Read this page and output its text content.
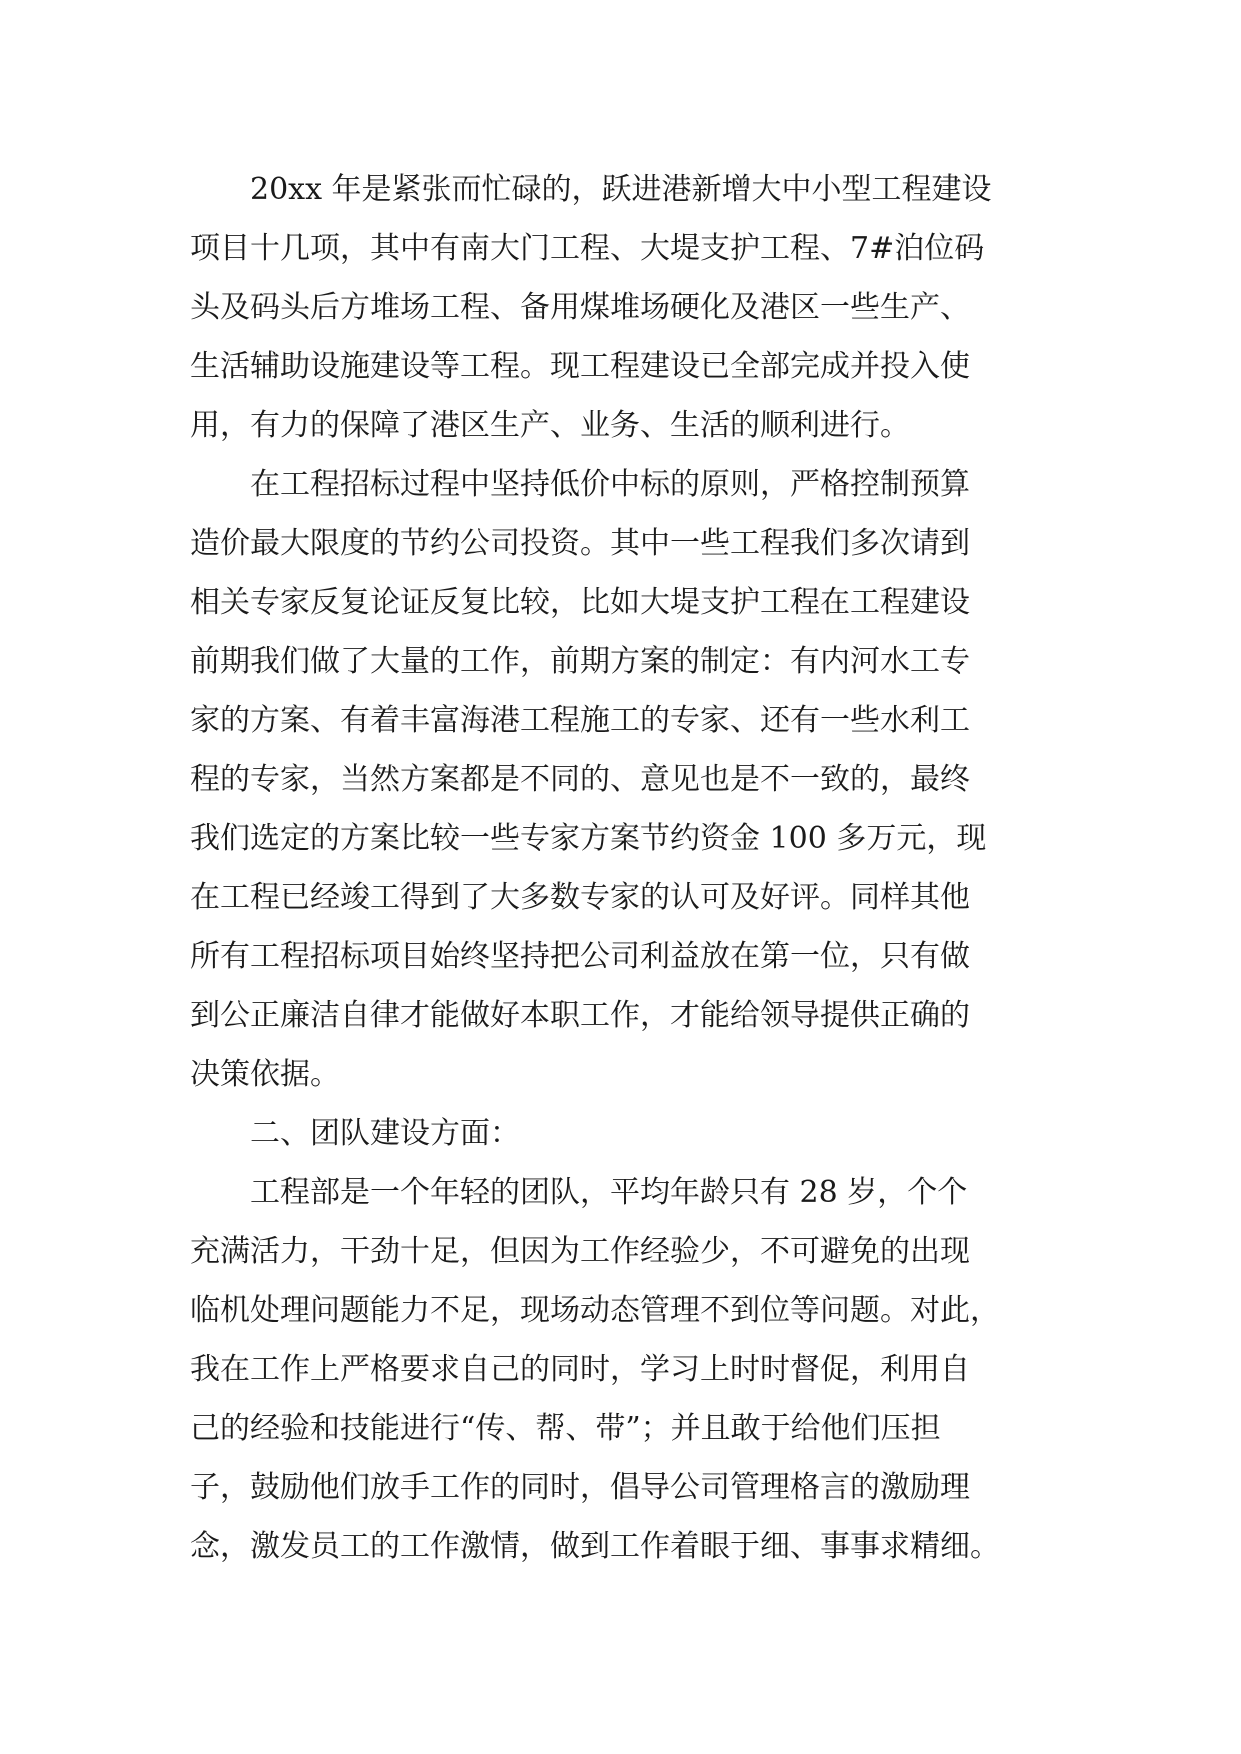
　　20xx 年是紧张而忙碌的，跃进港新增大中小型工程建设
项目十几项，其中有南大门工程、大堤支护工程、7#泊位码
头及码头后方堆场工程、备用煤堆场硬化及港区一些生产、
生活辅助设施建设等工程。现工程建设已全部完成并投入使
用，有力的保障了港区生产、业务、生活的顺利进行。
　　在工程招标过程中坚持低价中标的原则，严格控制预算
造价最大限度的节约公司投资。其中一些工程我们多次请到
相关专家反复论证反复比较，比如大堤支护工程在工程建设
前期我们做了大量的工作，前期方案的制定：有内河水工专
家的方案、有着丰富海港工程施工的专家、还有一些水利工
程的专家，当然方案都是不同的、意见也是不一致的，最终
我们选定的方案比较一些专家方案节约资金 100 多万元，现
在工程已经竣工得到了大多数专家的认可及好评。同样其他
所有工程招标项目始终坚持把公司利益放在第一位，只有做
到公正廉洁自律才能做好本职工作，才能给领导提供正确的
决策依据。
　　二、团队建设方面：
　　工程部是一个年轻的团队，平均年龄只有 28 岁，个个
充满活力，干劲十足，但因为工作经验少，不可避免的出现
临机处理问题能力不足，现场动态管理不到位等问题。对此，
我在工作上严格要求自己的同时，学习上时时督促，利用自
己的经验和技能进行“传、帮、带”；并且敢于给他们压担
子，鼓励他们放手工作的同时，倡导公司管理格言的激励理
念，激发员工的工作激情，做到工作着眼于细、事事求精细。
